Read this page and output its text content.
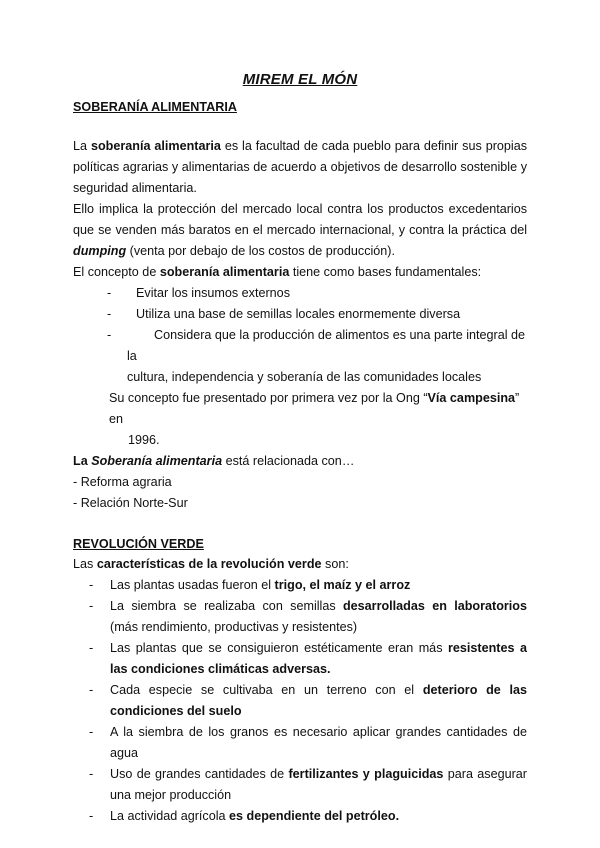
MIREM EL MÓN
SOBERANÍA ALIMENTARIA

La soberanía alimentaria es la facultad de cada pueblo para definir sus propias políticas agrarias y alimentarias de acuerdo a objetivos de desarrollo sostenible y seguridad alimentaria.

Ello implica la protección del mercado local contra los productos excedentarios que se venden más baratos en el mercado internacional, y contra la práctica del dumping (venta por debajo de los costos de producción).

El concepto de soberanía alimentaria tiene como bases fundamentales:

- Evitar los insumos externos
- Utiliza una base de semillas locales enormemente diversa
-	Considera que la producción de alimentos es una parte integral de la
cultura, independencia y soberanía de las comunidades locales

Su concepto fue presentado por primera vez por la Ong “Vía campesina” en
1996.

La Soberanía alimentaria está relacionada con…

- Reforma agraria

- Relación Norte-Sur

REVOLUCIÓN VERDE

Las características de la revolución verde son:

- Las plantas usadas fueron el trigo, el maíz y el arroz
- La siembra se realizaba con semillas desarrolladas en laboratorios (más rendimiento, productivas y resistentes)
- Las plantas que se consiguieron estéticamente eran más resistentes a las condiciones climáticas adversas.
- Cada especie se cultivaba en un terreno con el deterioro de las condiciones del suelo
- A la siembra de los granos es necesario aplicar grandes cantidades de agua
- Uso de grandes cantidades de fertilizantes y plaguicidas para asegurar una mejor producción
- La actividad agrícola es dependiente del petróleo.
